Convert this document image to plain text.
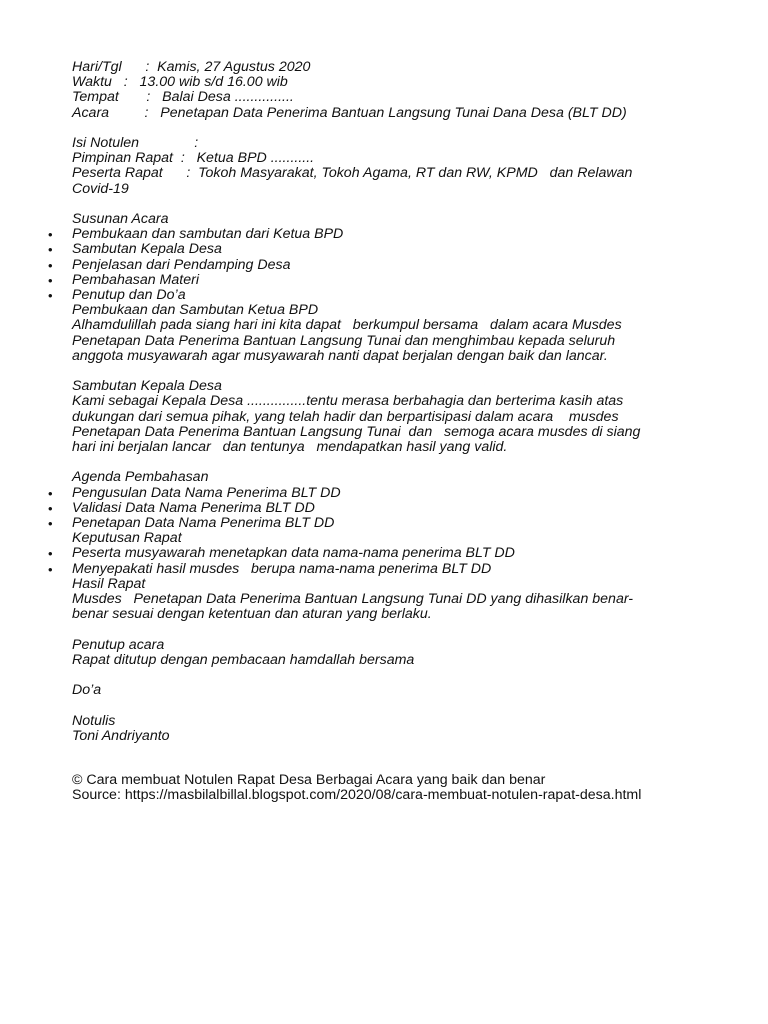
Hari/Tgl      :  Kamis, 27 Agustus 2020
Waktu   :   13.00 wib s/d 16.00 wib
Tempat       :   Balai Desa ...............
Acara         :   Penetapan Data Penerima Bantuan Langsung Tunai Dana Desa (BLT DD)
Isi Notulen              :
Pimpinan Rapat  :   Ketua BPD ...........
Peserta Rapat      :  Tokoh Masyarakat, Tokoh Agama, RT dan RW, KPMD   dan Relawan
Covid-19
Susunan Acara
• Pembukaan dan sambutan dari Ketua BPD
• Sambutan Kepala Desa
• Penjelasan dari Pendamping Desa
• Pembahasan Materi
• Penutup dan Do’a
Pembukaan dan Sambutan Ketua BPD
Alhamdulillah pada siang hari ini kita dapat   berkumpul bersama   dalam acara Musdes
Penetapan Data Penerima Bantuan Langsung Tunai dan menghimbau kepada seluruh
anggota musyawarah agar musyawarah nanti dapat berjalan dengan baik dan lancar.
Sambutan Kepala Desa
Kami sebagai Kepala Desa ...............tentu merasa berbahagia dan berterima kasih atas
dukungan dari semua pihak, yang telah hadir dan berpartisipasi dalam acara    musdes
Penetapan Data Penerima Bantuan Langsung Tunai  dan   semoga acara musdes di siang
hari ini berjalan lancar   dan tentunya   mendapatkan hasil yang valid.
Agenda Pembahasan
• Pengusulan Data Nama Penerima BLT DD
• Validasi Data Nama Penerima BLT DD
• Penetapan Data Nama Penerima BLT DD
Keputusan Rapat
• Peserta musyawarah menetapkan data nama-nama penerima BLT DD
• Menyepakati hasil musdes   berupa nama-nama penerima BLT DD
Hasil Rapat
Musdes   Penetapan Data Penerima Bantuan Langsung Tunai DD yang dihasilkan benar-
benar sesuai dengan ketentuan dan aturan yang berlaku.
Penutup acara
Rapat ditutup dengan pembacaan hamdallah bersama
Do’a
Notulis
Toni Andriyanto
© Cara membuat Notulen Rapat Desa Berbagai Acara yang baik dan benar
Source: https://masbilalbillal.blogspot.com/2020/08/cara-membuat-notulen-rapat-desa.html
